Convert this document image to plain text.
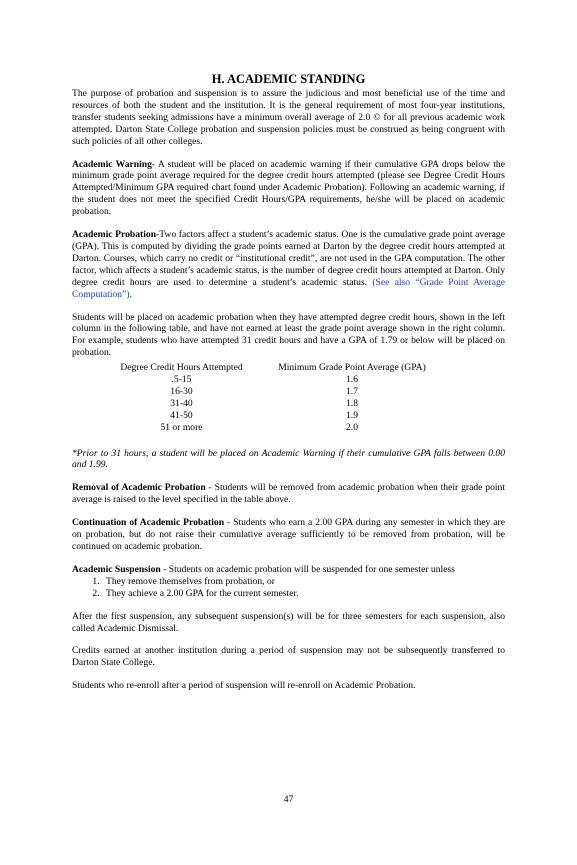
H. ACADEMIC STANDING

The purpose of probation and suspension is to assure the judicious and most beneficial use of the time and resources of both the student and the institution. It is the general requirement of most four-year institutions, transfer students seeking admissions have a minimum overall average of 2.0 © for all previous academic work attempted. Darton State College probation and suspension policies must be construed as being congruent with such policies of all other colleges.

Academic Warning- A student will be placed on academic warning if their cumulative GPA drops below the minimum grade point average required for the degree credit hours attempted (please see Degree Credit Hours Attempted/Minimum GPA required chart found under Academic Probation). Following an academic warning, if the student does not meet the specified Credit Hours/GPA requirements, he/she will be placed on academic probation.

Academic Probation-Two factors affect a student’s academic status. One is the cumulative grade point average (GPA). This is computed by dividing the grade points earned at Darton by the degree credit hours attempted at Darton. Courses, which carry no credit or “institutional credit”, are not used in the GPA computation. The other factor, which affects a student’s academic status, is the number of degree credit hours attempted at Darton. Only degree credit hours are used to determine a student’s academic status. (See also “Grade Point Average Computation”).

Students will be placed on academic probation when they have attempted degree credit hours, shown in the left column in the following table, and have not earned at least the grade point average shown in the right column. For example, students who have attempted 31 credit hours and have a GPA of 1.79 or below will be placed on probation.

Degree Credit Hours Attempted	Minimum Grade Point Average (GPA)
.5-15	1.6
16-30	1.7
31-40	1.8
41-50	1.9
51 or more	2.0

*Prior to 31 hours, a student will be placed on Academic Warning if their cumulative GPA falls between 0.00 and 1.99.

Removal of Academic Probation - Students will be removed from academic probation when their grade point average is raised to the level specified in the table above.

Continuation of Academic Probation - Students who earn a 2.00 GPA during any semester in which they are on probation, but do not raise their cumulative average sufficiently to be removed from probation, will be continued on academic probation.

Academic Suspension - Students on academic probation will be suspended for one semester unless

1. They remove themselves from probation, or
2. They achieve a 2.00 GPA for the current semester.

After the first suspension, any subsequent suspension(s) will be for three semesters for each suspension, also called Academic Dismissal.

Credits earned at another institution during a period of suspension may not be subsequently transferred to Darton State College.

Students who re-enroll after a period of suspension will re-enroll on Academic Probation.

47
